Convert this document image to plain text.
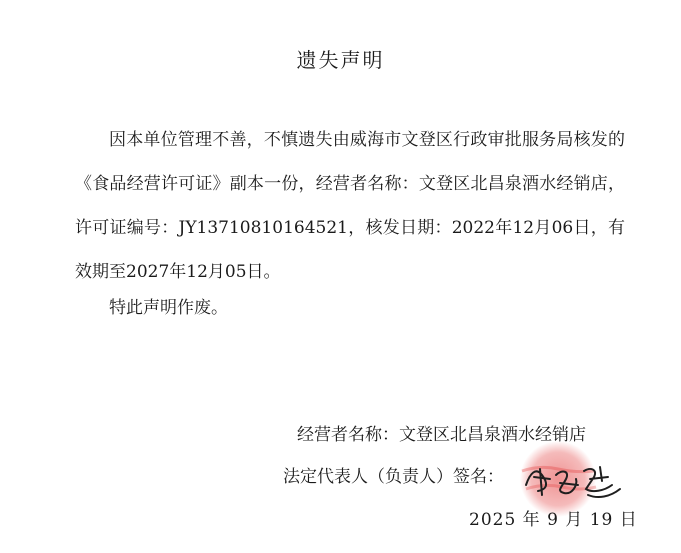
遗失声明

因本单位管理不善，不慎遗失由威海市文登区行政审批服务局核发的《食品经营许可证》副本一份，经营者名称：文登区北昌泉酒水经销店，许可证编号：JY13710810164521，核发日期：2022年12月06日，有效期至2027年12月05日。

特此声明作废。

经营者名称：文登区北昌泉酒水经销店
法定代表人（负责人）签名：
2025 年 9 月 19 日
